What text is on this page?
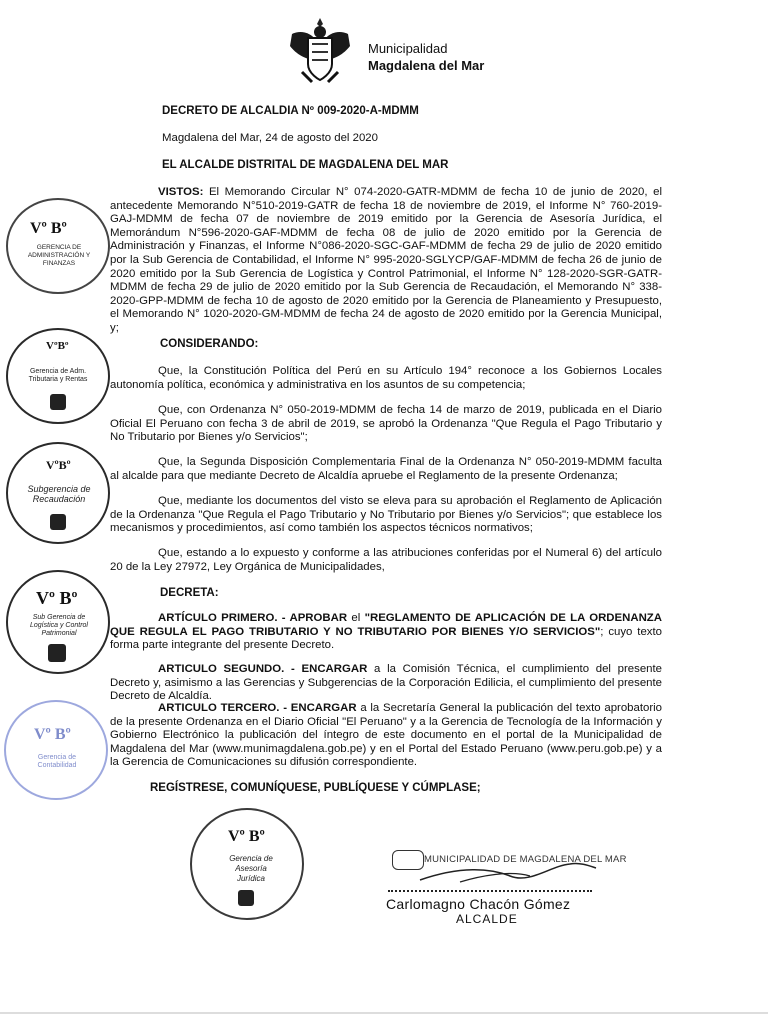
Municipalidad
Magdalena del Mar
DECRETO DE ALCALDIA Nº 009-2020-A-MDMM
Magdalena del Mar, 24 de agosto del 2020
EL ALCALDE DISTRITAL DE MAGDALENA DEL MAR
VISTOS: El Memorando Circular N° 074-2020-GATR-MDMM de fecha 10 de junio de 2020, el antecedente Memorando N°510-2019-GATR de fecha 18 de noviembre de 2019, el Informe N° 760-2019-GAJ-MDMM de fecha 07 de noviembre de 2019 emitido por la Gerencia de Asesoría Jurídica, el Memorándum N°596-2020-GAF-MDMM de fecha 08 de julio de 2020 emitido por la Gerencia de Administración y Finanzas, el Informe N°086-2020-SGC-GAF-MDMM de fecha 29 de julio de 2020 emitido por la Sub Gerencia de Contabilidad, el Informe N° 995-2020-SGLYCP/GAF-MDMM de fecha 26 de junio de 2020 emitido por la Sub Gerencia de Logística y Control Patrimonial, el Informe N° 128-2020-SGR-GATR-MDMM de fecha 29 de julio de 2020 emitido por la Sub Gerencia de Recaudación, el Memorando N° 338-2020-GPP-MDMM de fecha 10 de agosto de 2020 emitido por la Gerencia de Planeamiento y Presupuesto, el Memorando N° 1020-2020-GM-MDMM de fecha 24 de agosto de 2020 emitido por la Gerencia Municipal, y;
CONSIDERANDO:
Que, la Constitución Política del Perú en su Artículo 194° reconoce a los Gobiernos Locales autonomía política, económica y administrativa en los asuntos de su competencia;
Que, con Ordenanza N° 050-2019-MDMM de fecha 14 de marzo de 2019, publicada en el Diario Oficial El Peruano con fecha 3 de abril de 2019, se aprobó la Ordenanza "Que Regula el Pago Tributario y No Tributario por Bienes y/o Servicios";
Que, la Segunda Disposición Complementaria Final de la Ordenanza N° 050-2019-MDMM faculta al alcalde para que mediante Decreto de Alcaldía apruebe el Reglamento de la presente Ordenanza;
Que, mediante los documentos del visto se eleva para su aprobación el Reglamento de Aplicación de la Ordenanza "Que Regula el Pago Tributario y No Tributario por Bienes y/o Servicios"; que establece los mecanismos y procedimientos, así como también los aspectos técnicos normativos;
Que, estando a lo expuesto y conforme a las atribuciones conferidas por el Numeral 6) del artículo 20 de la Ley 27972, Ley Orgánica de Municipalidades,
DECRETA:
ARTÍCULO PRIMERO. - APROBAR el "REGLAMENTO DE APLICACIÓN DE LA ORDENANZA QUE REGULA EL PAGO TRIBUTARIO Y NO TRIBUTARIO POR BIENES Y/O SERVICIOS"; cuyo texto forma parte integrante del presente Decreto.
ARTICULO SEGUNDO. - ENCARGAR a la Comisión Técnica, el cumplimiento del presente Decreto y, asimismo a las Gerencias y Subgerencias de la Corporación Edilicia, el cumplimiento del presente Decreto de Alcaldía.
ARTICULO TERCERO. - ENCARGAR a la Secretaría General la publicación del texto aprobatorio de la presente Ordenanza en el Diario Oficial "El Peruano" y a la Gerencia de Tecnología de la Información y Gobierno Electrónico la publicación del íntegro de este documento en el portal de la Municipalidad de Magdalena del Mar (www.munimagdalena.gob.pe) y en el Portal del Estado Peruano (www.peru.gob.pe) y a la Gerencia de Comunicaciones su difusión correspondiente.
REGÍSTRESE, COMUNÍQUESE, PUBLÍQUESE Y CÚMPLASE;
Vº Bº
GERENCIA DE ADMINISTRACIÓN Y FINANZAS
VºBº
Gerencia de Adm. Tributaria y Rentas
VºBº
Subgerencia de Recaudación
Vº Bº
Sub Gerencia de Logística y Control Patrimonial
Vº Bº
Gerencia de Contabilidad
Vº Bº
Gerencia de Asesoría Jurídica
MUNICIPALIDAD DE MAGDALENA DEL MAR
Carlomagno Chacón Gómez
ALCALDE
